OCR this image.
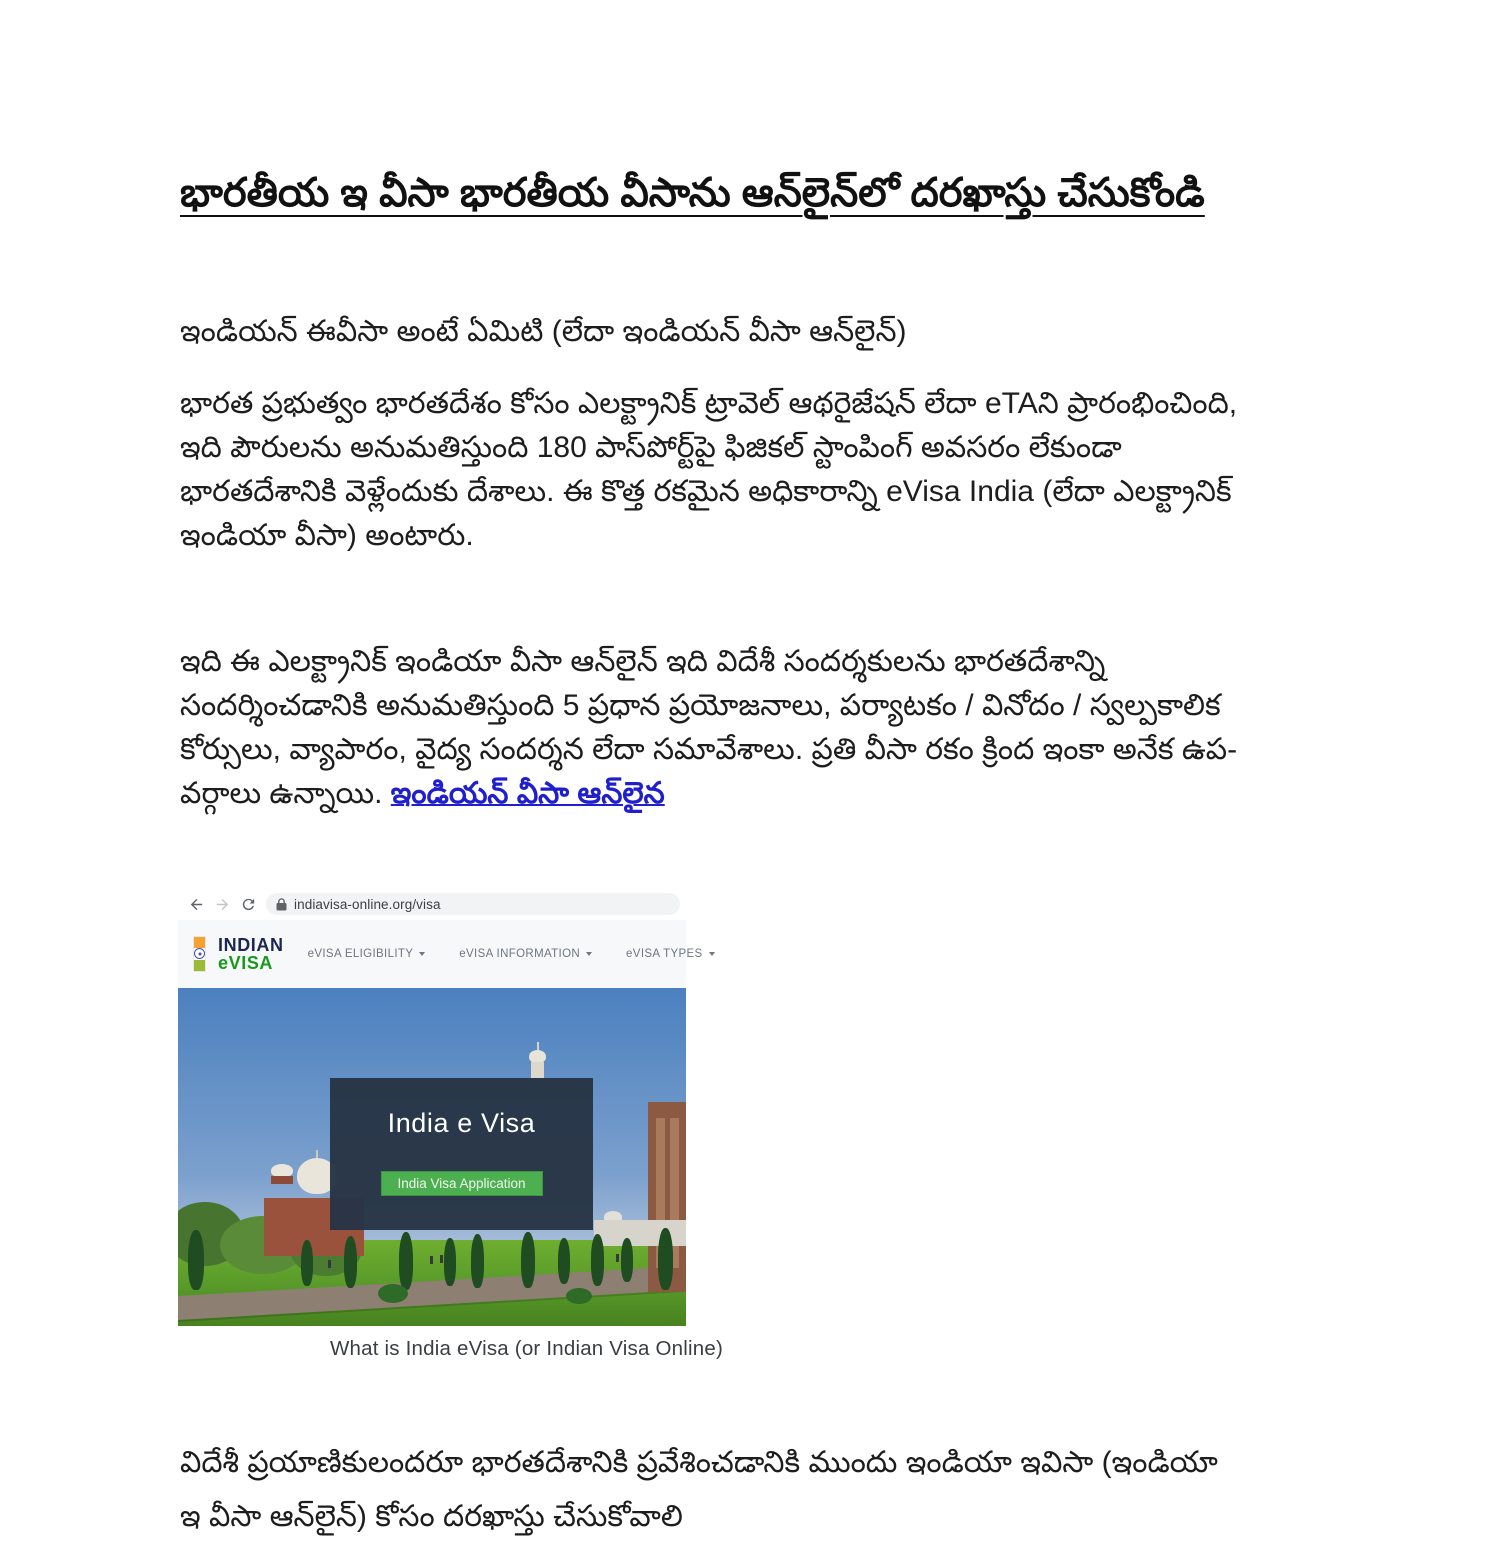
భారతీయ ఇ వీసా భారతీయ వీసాను ఆన్‌లైన్‌లో దరఖాస్తు చేసుకోండి
ఇండియన్ ఈవీసా అంటే ఏమిటి (లేదా ఇండియన్ వీసా ఆన్‌లైన్)
భారత ప్రభుత్వం భారతదేశం కోసం ఎలక్ట్రానిక్ ట్రావెల్ ఆథరైజేషన్ లేదా eTAని ప్రారంభించింది,
ఇది పౌరులను అనుమతిస్తుంది 180 పాస్‌పోర్ట్‌పై ఫిజికల్ స్టాంపింగ్ అవసరం లేకుండా
భారతదేశానికి వెళ్లేందుకు దేశాలు. ఈ కొత్త రకమైన అధికారాన్ని eVisa India (లేదా ఎలక్ట్రానిక్
ఇండియా వీసా) అంటారు.
ఇది ఈ ఎలక్ట్రానిక్ ఇండియా వీసా ఆన్‌లైన్ ఇది విదేశీ సందర్శకులను భారతదేశాన్ని
సందర్శించడానికి అనుమతిస్తుంది 5 ప్రధాన ప్రయోజనాలు, పర్యాటకం / వినోదం / స్వల్పకాలిక
కోర్సులు, వ్యాపారం, వైద్య సందర్శన లేదా సమావేశాలు. ప్రతి వీసా రకం క్రింద ఇంకా అనేక ఉప-
వర్గాలు ఉన్నాయి. ఇండియన్ వీసా ఆన్‌లైన
indiavisa-online.org/visa
INDIAN
eVISA	eVISA ELIGIBILITY	eVISA INFORMATION	eVISA TYPES
India e Visa
India Visa Application
What is India eVisa (or Indian Visa Online)
విదేశీ ప్రయాణికులందరూ భారతదేశానికి ప్రవేశించడానికి ముందు ఇండియా ఇవిసా (ఇండియా
ఇ వీసా ఆన్‌లైన్) కోసం దరఖాస్తు చేసుకోవాలి
